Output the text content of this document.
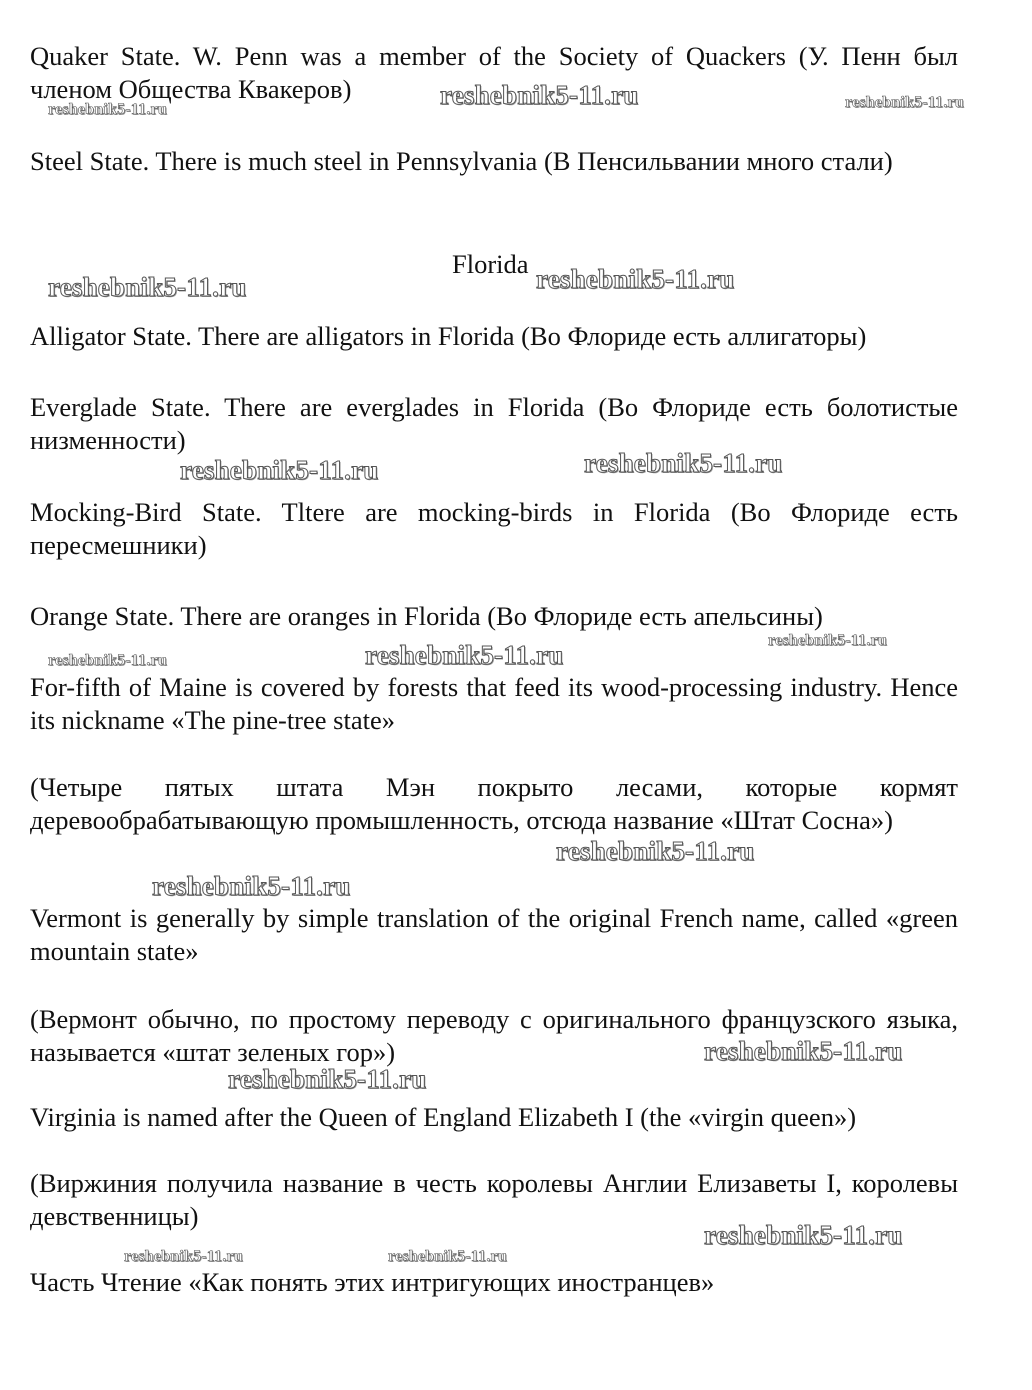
Quaker State. W. Penn was a member of the Society of Quackers (У. Пенн был членом Общества Квакеров)

Steel State. There is much steel in Pennsylvania (В Пенсильвании много стали)

Florida

Alligator State. There are alligators in Florida (Во Флориде есть аллигаторы)

Everglade State. There are everglades in Florida (Во Флориде есть болотистые низменности)

Mocking-Bird State. Tltere are mocking-birds in Florida (Во Флориде есть пересмешники)

Orange State. There are oranges in Florida (Во Флориде есть апельсины)

For-fifth of Maine is covered by forests that feed its wood-processing industry. Hence its nickname «The pine-tree state»

(Четыре пятых штата Мэн покрыто лесами, которые кормят деревообрабатывающую промышленность, отсюда название «Штат Сосна»)

Vermont is generally by simple translation of the original French name, called «green mountain state»

(Вермонт обычно, по простому переводу с оригинального французского языка, называется «штат зеленых гор»)

Virginia is named after the Queen of England Elizabeth I (the «virgin queen»)

(Виржиния получила название в честь королевы Англии Елизаветы I, королевы девственницы)

Часть Чтение «Как понять этих интригующих иностранцев»

reshebnik5-11.ru
reshebnik5-11.ru	reshebnik5-11.ru
reshebnik5-11.ru	reshebnik5-11.ru
reshebnik5-11.ru	reshebnik5-11.ru
reshebnik5-11.ru	reshebnik5-11.ru	reshebnik5-11.ru
reshebnik5-11.ru
reshebnik5-11.ru
reshebnik5-11.ru
reshebnik5-11.ru
reshebnik5-11.ru
reshebnik5-11.ru	reshebnik5-11.ru
